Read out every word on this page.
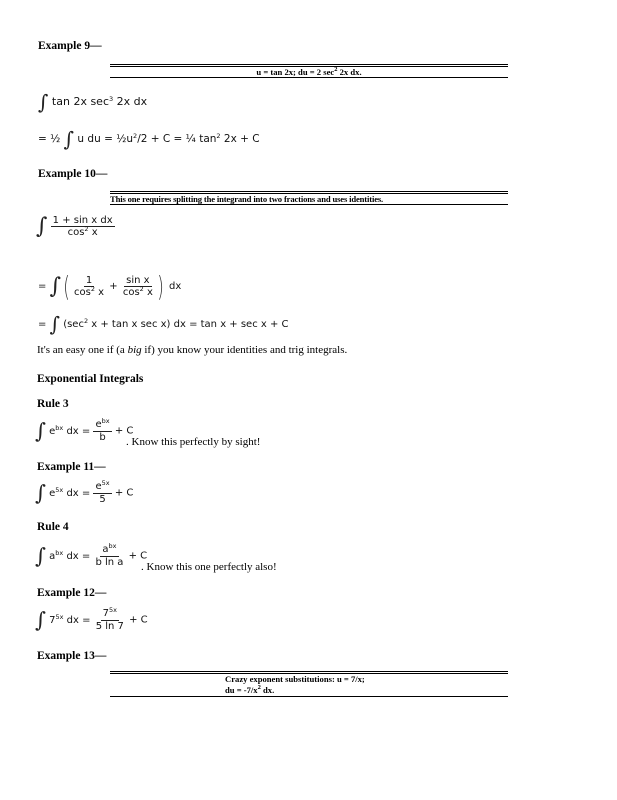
Example 9—
u = tan 2x; du = 2 $\sec^2 2x$ dx.
∫ tan 2x $\sec^3 2x$ dx
= ½ ∫ u du = $\frac{1}{2}u^2/2 + C$ = ¼ $\tan^2 2x + C$
Example 10—
This one requires splitting the integrand into two fractions and uses identities.
∫ $\frac{\text{1 + sin x dx}}{\cos^2 x}$
= ∫( $\frac{1}{\cos^2 x} + \frac{\text{sin x}}{\cos^2 x}$ ) dx
= ∫ ($\sec^2$ x + tan x sec x) dx = tan x + sec x + C
It's an easy one if (a big if) you know your identities and trig integrals.
Exponential Integrals
Rule 3
∫ $e^{bx}$ dx = $\frac{e^{bx}}{b} + C$
. Know this perfectly by sight!
Example 11—
∫ $e^{5x}$ dx = $\frac{e^{5x}}{5} + C$
Rule 4
∫ $a^{bx}$ dx = $\frac{a^{bx}}{\text{b ln a}} + C$
. Know this one perfectly also!
Example 12—
∫ $7^{5x}$ dx = $\frac{7^{5x}}{5 \ln 7} + C$
Example 13—
Crazy exponent substitutions: u = 7/x;
du = $-7/x^2$ dx.
